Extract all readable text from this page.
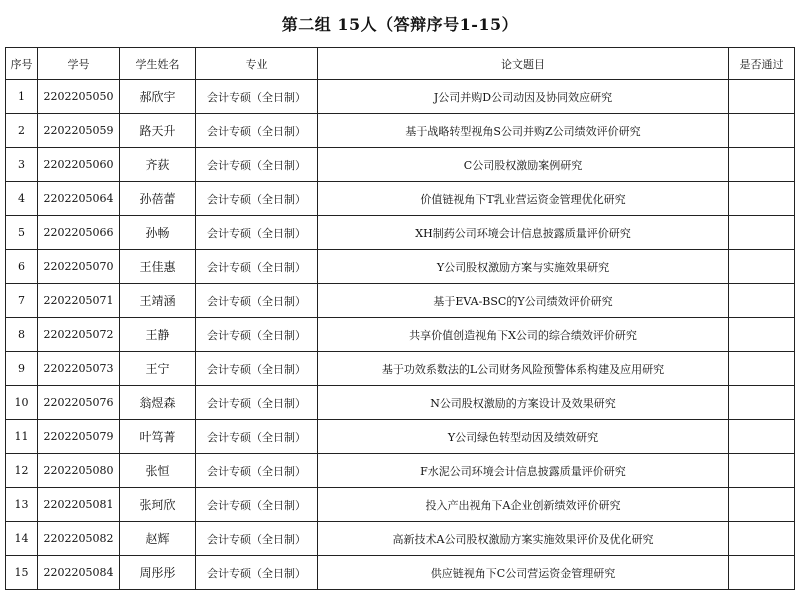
第二组 15人（答辩序号1-15）
序号	学号	学生姓名	专业	论文题目	是否通过
1	2202205050	郝欣宇	会计专硕（全日制）	J公司并购D公司动因及协同效应研究	
2	2202205059	路天升	会计专硕（全日制）	基于战略转型视角S公司并购Z公司绩效评价研究	
3	2202205060	齐荻	会计专硕（全日制）	C公司股权激励案例研究	
4	2202205064	孙蓓蕾	会计专硕（全日制）	价值链视角下T乳业营运资金管理优化研究	
5	2202205066	孙畅	会计专硕（全日制）	XH制药公司环境会计信息披露质量评价研究	
6	2202205070	王佳惠	会计专硕（全日制）	Y公司股权激励方案与实施效果研究	
7	2202205071	王靖涵	会计专硕（全日制）	基于EVA-BSC的Y公司绩效评价研究	
8	2202205072	王静	会计专硕（全日制）	共享价值创造视角下X公司的综合绩效评价研究	
9	2202205073	王宁	会计专硕（全日制）	基于功效系数法的L公司财务风险预警体系构建及应用研究	
10	2202205076	翁煜森	会计专硕（全日制）	N公司股权激励的方案设计及效果研究	
11	2202205079	叶笃菁	会计专硕（全日制）	Y公司绿色转型动因及绩效研究	
12	2202205080	张恒	会计专硕（全日制）	F水泥公司环境会计信息披露质量评价研究	
13	2202205081	张珂欣	会计专硕（全日制）	投入产出视角下A企业创新绩效评价研究	
14	2202205082	赵辉	会计专硕（全日制）	高新技术A公司股权激励方案实施效果评价及优化研究	
15	2202205084	周彤彤	会计专硕（全日制）	供应链视角下C公司营运资金管理研究	
